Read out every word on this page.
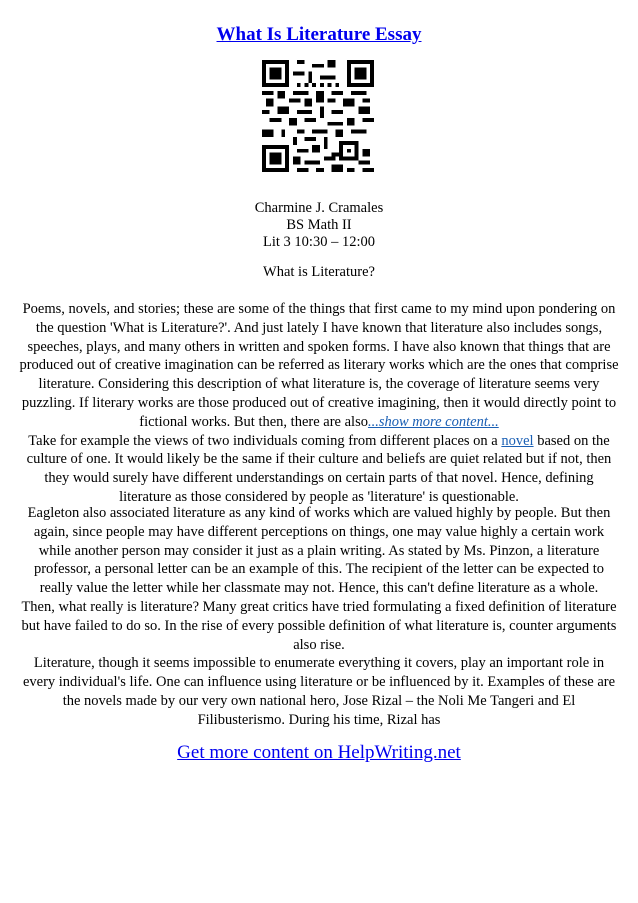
What Is Literature Essay
Charmine J. Cramales
BS Math II
Lit 3 10:30 – 12:00
What is Literature?
Poems, novels, and stories; these are some of the things that first came to my mind upon pondering on the question 'What is Literature?'. And just lately I have known that literature also includes songs, speeches, plays, and many others in written and spoken forms. I have also known that things that are produced out of creative imagination can be referred as literary works which are the ones that comprise literature. Considering this description of what literature is, the coverage of literature seems very puzzling. If literary works are those produced out of creative imagining, then it would directly point to fictional works. But then, there are also...show more content...
Take for example the views of two individuals coming from different places on a novel based on the culture of one. It would likely be the same if their culture and beliefs are quiet related but if not, then they would surely have different understandings on certain parts of that novel. Hence, defining literature as those considered by people as 'literature' is questionable.
Eagleton also associated literature as any kind of works which are valued highly by people. But then again, since people may have different perceptions on things, one may value highly a certain work while another person may consider it just as a plain writing. As stated by Ms. Pinzon, a literature professor, a personal letter can be an example of this. The recipient of the letter can be expected to really value the letter while her classmate may not. Hence, this can't define literature as a whole.
Then, what really is literature? Many great critics have tried formulating a fixed definition of literature but have failed to do so. In the rise of every possible definition of what literature is, counter arguments also rise.
Literature, though it seems impossible to enumerate everything it covers, play an important role in every individual's life. One can influence using literature or be influenced by it. Examples of these are the novels made by our very own national hero, Jose Rizal – the Noli Me Tangeri and El Filibusterismo. During his time, Rizal has
Get more content on HelpWriting.net
